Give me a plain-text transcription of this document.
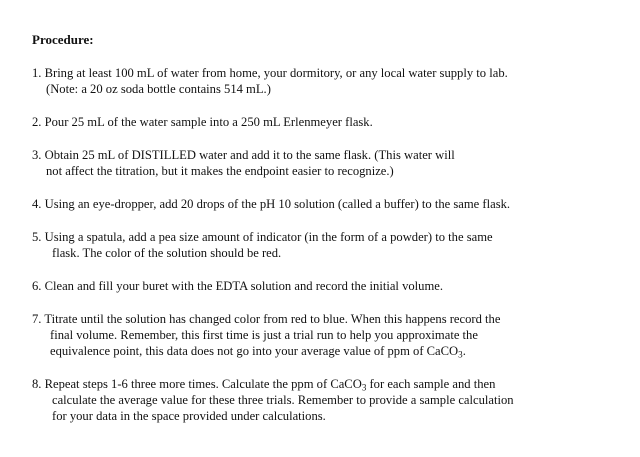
Procedure:
1. Bring at least 100 mL of water from home, your dormitory, or any local water supply to lab.
(Note: a 20 oz soda bottle contains 514 mL.)
2. Pour 25 mL of the water sample into a 250 mL Erlenmeyer flask.
3. Obtain 25 mL of DISTILLED water and add it to the same flask. (This water will
not affect the titration, but it makes the endpoint easier to recognize.)
4. Using an eye-dropper, add 20 drops of the pH 10 solution (called a buffer) to the same flask.
5. Using a spatula, add a pea size amount of indicator (in the form of a powder) to the same
flask. The color of the solution should be red.
6. Clean and fill your buret with the EDTA solution and record the initial volume.
7. Titrate until the solution has changed color from red to blue. When this happens record the
final volume. Remember, this first time is just a trial run to help you approximate the
equivalence point, this data does not go into your average value of ppm of CaCO$_3$.
8. Repeat steps 1-6 three more times. Calculate the ppm of CaCO$_3$ for each sample and then
calculate the average value for these three trials. Remember to provide a sample calculation
for your data in the space provided under calculations.
